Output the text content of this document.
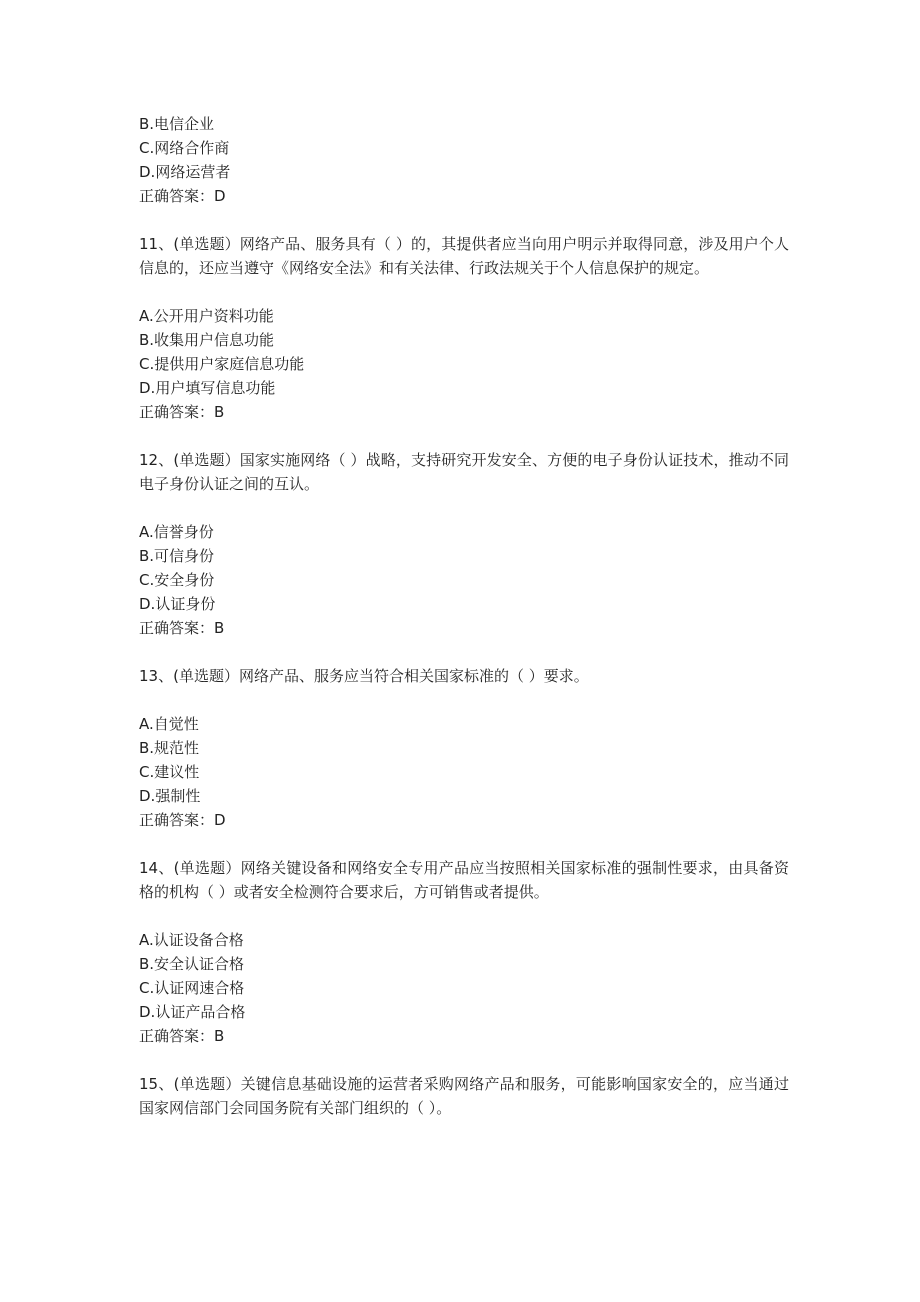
B.电信企业
C.网络合作商
D.网络运营者
正确答案：D
11、(单选题）网络产品、服务具有（ ）的，其提供者应当向用户明示并取得同意，涉及用户个人信息的，还应当遵守《网络安全法》和有关法律、行政法规关于个人信息保护的规定。
A.公开用户资料功能
B.收集用户信息功能
C.提供用户家庭信息功能
D.用户填写信息功能
正确答案：B
12、(单选题）国家实施网络（ ）战略，支持研究开发安全、方便的电子身份认证技术，推动不同电子身份认证之间的互认。
A.信誉身份
B.可信身份
C.安全身份
D.认证身份
正确答案：B
13、(单选题）网络产品、服务应当符合相关国家标准的（ ）要求。
A.自觉性
B.规范性
C.建议性
D.强制性
正确答案：D
14、(单选题）网络关键设备和网络安全专用产品应当按照相关国家标准的强制性要求，由具备资格的机构（ ）或者安全检测符合要求后，方可销售或者提供。
A.认证设备合格
B.安全认证合格
C.认证网速合格
D.认证产品合格
正确答案：B
15、(单选题）关键信息基础设施的运营者采购网络产品和服务，可能影响国家安全的，应当通过国家网信部门会同国务院有关部门组织的（ ）。
